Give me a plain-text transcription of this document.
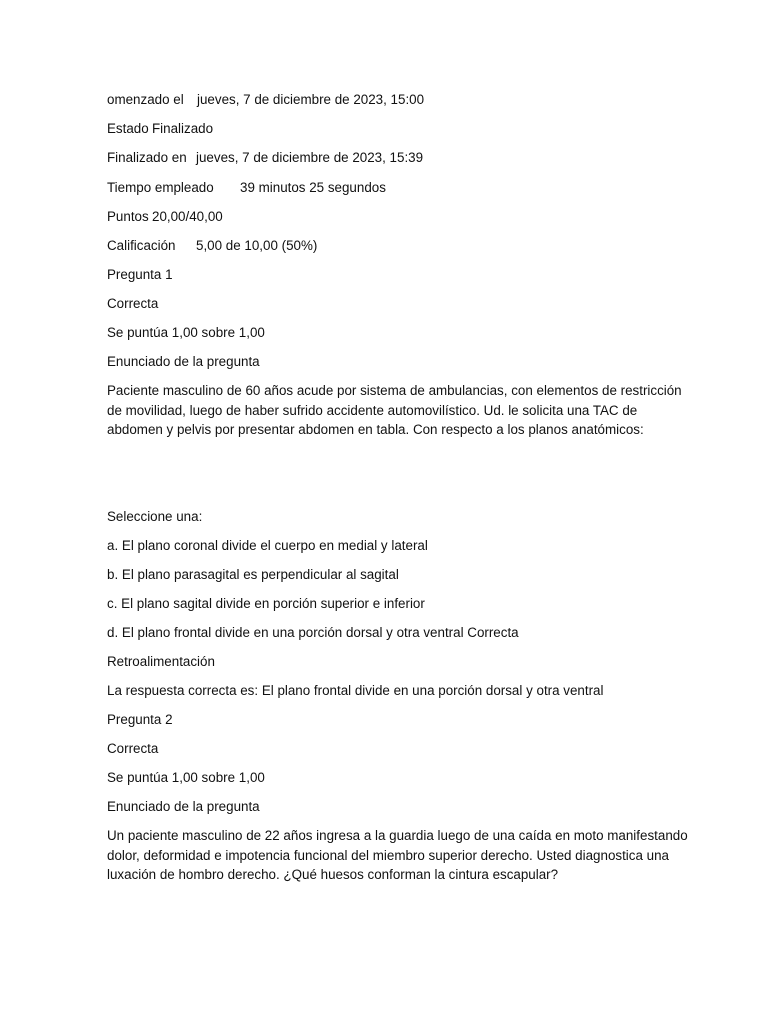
omenzado el jueves, 7 de diciembre de 2023, 15:00
Estado Finalizado
Finalizado en jueves, 7 de diciembre de 2023, 15:39
Tiempo empleado 39 minutos 25 segundos
Puntos 20,00/40,00
Calificación 5,00 de 10,00 (50%)
Pregunta 1
Correcta
Se puntúa 1,00 sobre 1,00
Enunciado de la pregunta
Paciente masculino de 60 años acude por sistema de ambulancias, con elementos de restricción
de movilidad, luego de haber sufrido accidente automovilístico. Ud. le solicita una TAC de
abdomen y pelvis por presentar abdomen en tabla. Con respecto a los planos anatómicos:
Seleccione una:
a. El plano coronal divide el cuerpo en medial y lateral
b. El plano parasagital es perpendicular al sagital
c. El plano sagital divide en porción superior e inferior
d. El plano frontal divide en una porción dorsal y otra ventral Correcta
Retroalimentación
La respuesta correcta es: El plano frontal divide en una porción dorsal y otra ventral
Pregunta 2
Correcta
Se puntúa 1,00 sobre 1,00
Enunciado de la pregunta
Un paciente masculino de 22 años ingresa a la guardia luego de una caída en moto manifestando
dolor, deformidad e impotencia funcional del miembro superior derecho. Usted diagnostica una
luxación de hombro derecho. ¿Qué huesos conforman la cintura escapular?
